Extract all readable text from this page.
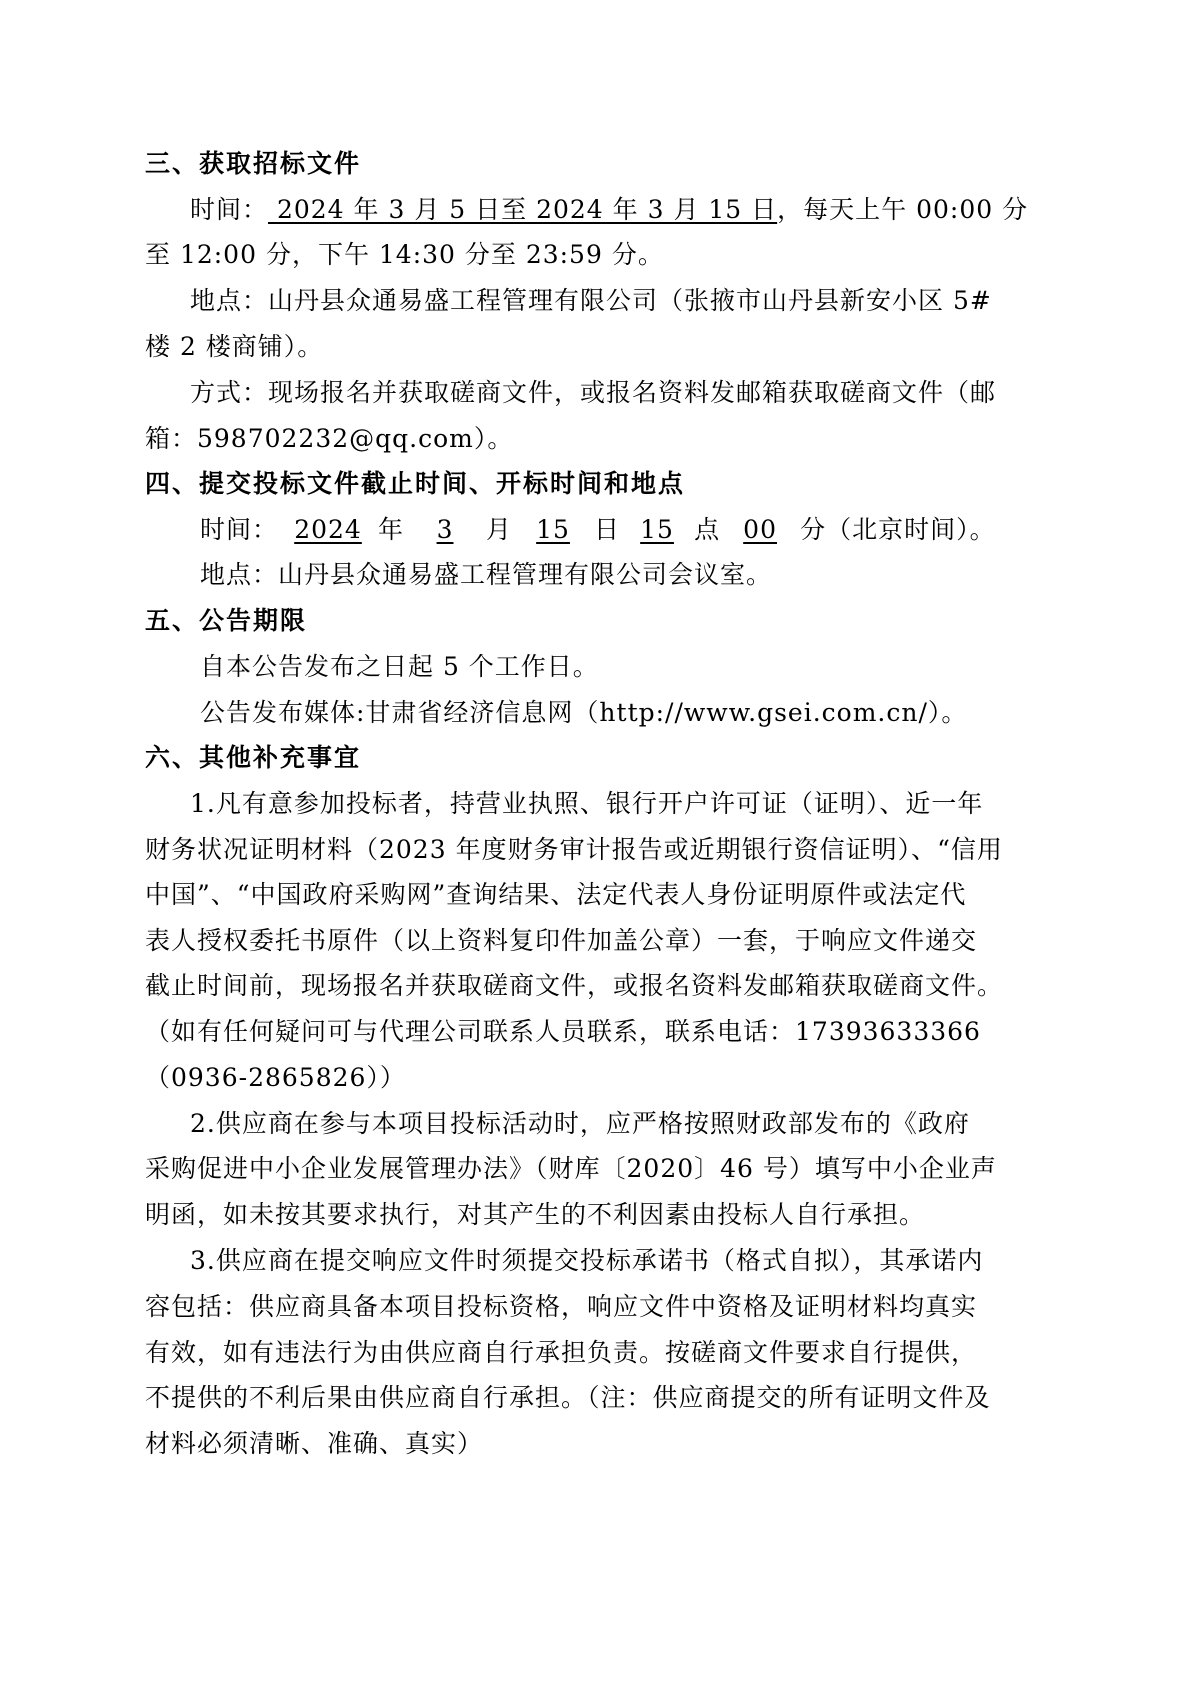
三、获取招标文件
时间： 2024 年 3 月 5 日至 2024 年 3 月 15 日，每天上午 00:00 分
至 12:00 分，下午 14:30 分至 23:59 分。
地点：山丹县众通易盛工程管理有限公司（张掖市山丹县新安小区 5#
楼 2 楼商铺）。
方式：现场报名并获取磋商文件，或报名资料发邮箱获取磋商文件（邮
箱：598702232@qq.com）。
四、提交投标文件截止时间、开标时间和地点
时间： 2024 年 3 月 15 日 15 点 00 分（北京时间）。
地点：山丹县众通易盛工程管理有限公司会议室。
五、公告期限
自本公告发布之日起 5 个工作日。
公告发布媒体:甘肃省经济信息网（http://www.gsei.com.cn/）。
六、其他补充事宜
1.凡有意参加投标者，持营业执照、银行开户许可证（证明）、近一年
财务状况证明材料（2023 年度财务审计报告或近期银行资信证明）、“信用
中国”、“中国政府采购网”查询结果、法定代表人身份证明原件或法定代
表人授权委托书原件（以上资料复印件加盖公章）一套，于响应文件递交
截止时间前，现场报名并获取磋商文件，或报名资料发邮箱获取磋商文件。
（如有任何疑问可与代理公司联系人员联系，联系电话：17393633366
（0936-2865826））
2.供应商在参与本项目投标活动时，应严格按照财政部发布的《政府
采购促进中小企业发展管理办法》（财库〔2020〕46 号）填写中小企业声
明函，如未按其要求执行，对其产生的不利因素由投标人自行承担。
3.供应商在提交响应文件时须提交投标承诺书（格式自拟），其承诺内
容包括：供应商具备本项目投标资格，响应文件中资格及证明材料均真实
有效，如有违法行为由供应商自行承担负责。按磋商文件要求自行提供，
不提供的不利后果由供应商自行承担。（注：供应商提交的所有证明文件及
材料必须清晰、准确、真实）
